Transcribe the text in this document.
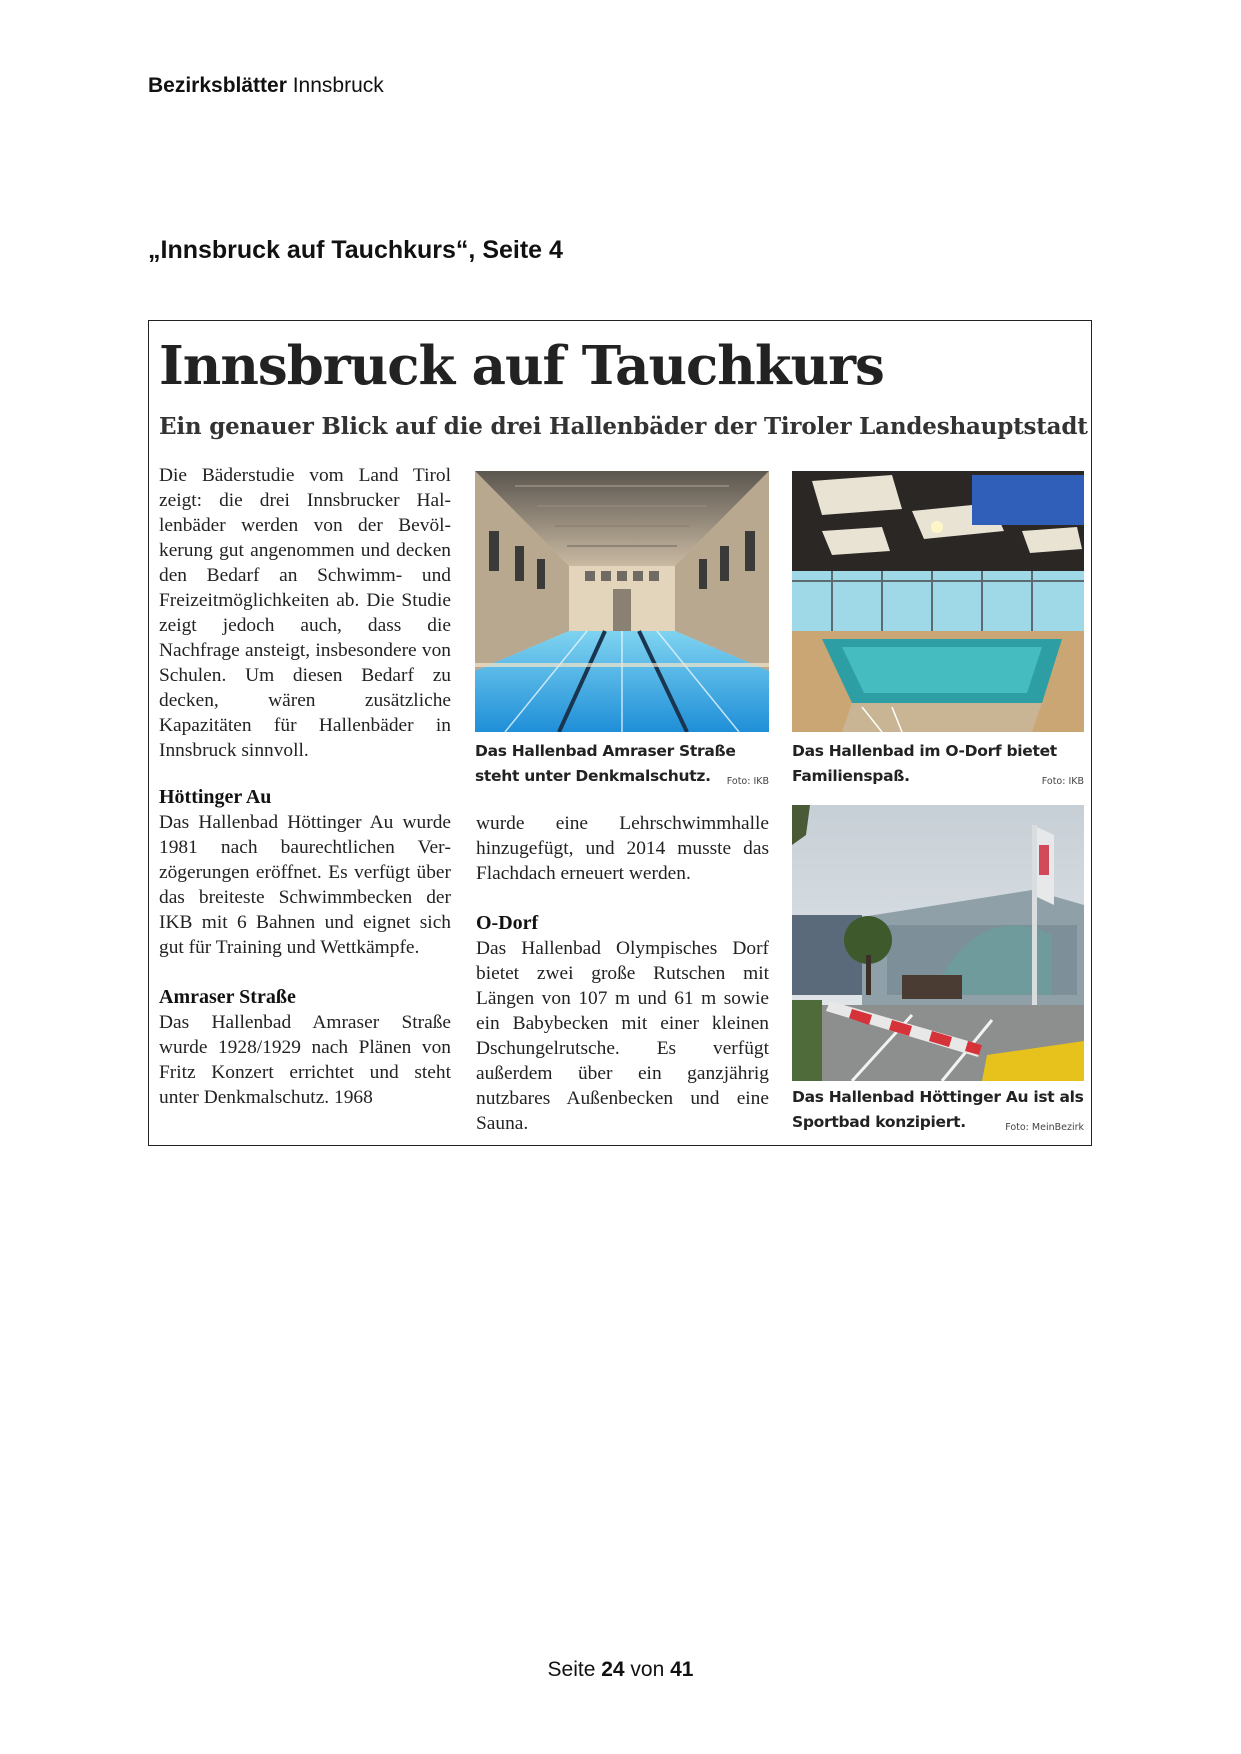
Bezirksblätter Innsbruck
„Innsbruck auf Tauchkurs“, Seite 4
Innsbruck auf Tauchkurs
Ein genauer Blick auf die drei Hallenbäder der Tiroler Landeshauptstadt

Die Bäderstudie vom Land Tirol zeigt: die drei Innsbrucker Hallenbäder werden von der Bevölkerung gut angenommen und decken den Bedarf an Schwimm- und Freizeitmöglichkeiten ab. Die Studie zeigt jedoch auch, dass die Nachfrage ansteigt, insbesondere von Schulen. Um diesen Bedarf zu decken, wären zusätzliche Kapazitäten für Hallenbäder in Innsbruck sinnvoll.

Höttinger Au

Das Hallenbad Höttinger Au wurde 1981 nach baurechtlichen Verzögerungen eröffnet. Es verfügt über das breiteste Schwimmbecken der IKB mit 6 Bahnen und eignet sich gut für Training und Wettkämpfe.

Amraser Straße

Das Hallenbad Amraser Straße wurde 1928/1929 nach Plänen von Fritz Konzert errichtet und steht unter Denkmalschutz. 1968

wurde eine Lehrschwimmhalle hinzugefügt, und 2014 musste das Flachdach erneuert werden.

O-Dorf

Das Hallenbad Olympisches Dorf bietet zwei große Rutschen mit Längen von 107 m und 61 m sowie ein Babybecken mit einer kleinen Dschungelrutsche. Es verfügt außerdem über ein ganzjährig nutzbares Außenbecken und eine Sauna.

Das Hallenbad Amraser Straße
steht unter Denkmalschutz.	Foto: IKB
Das Hallenbad im O-Dorf bietet
Familienspaß.	Foto: IKB
Das Hallenbad Höttinger Au ist als
Sportbad konzipiert.	Foto: MeinBezirk
Seite 24 von 41
